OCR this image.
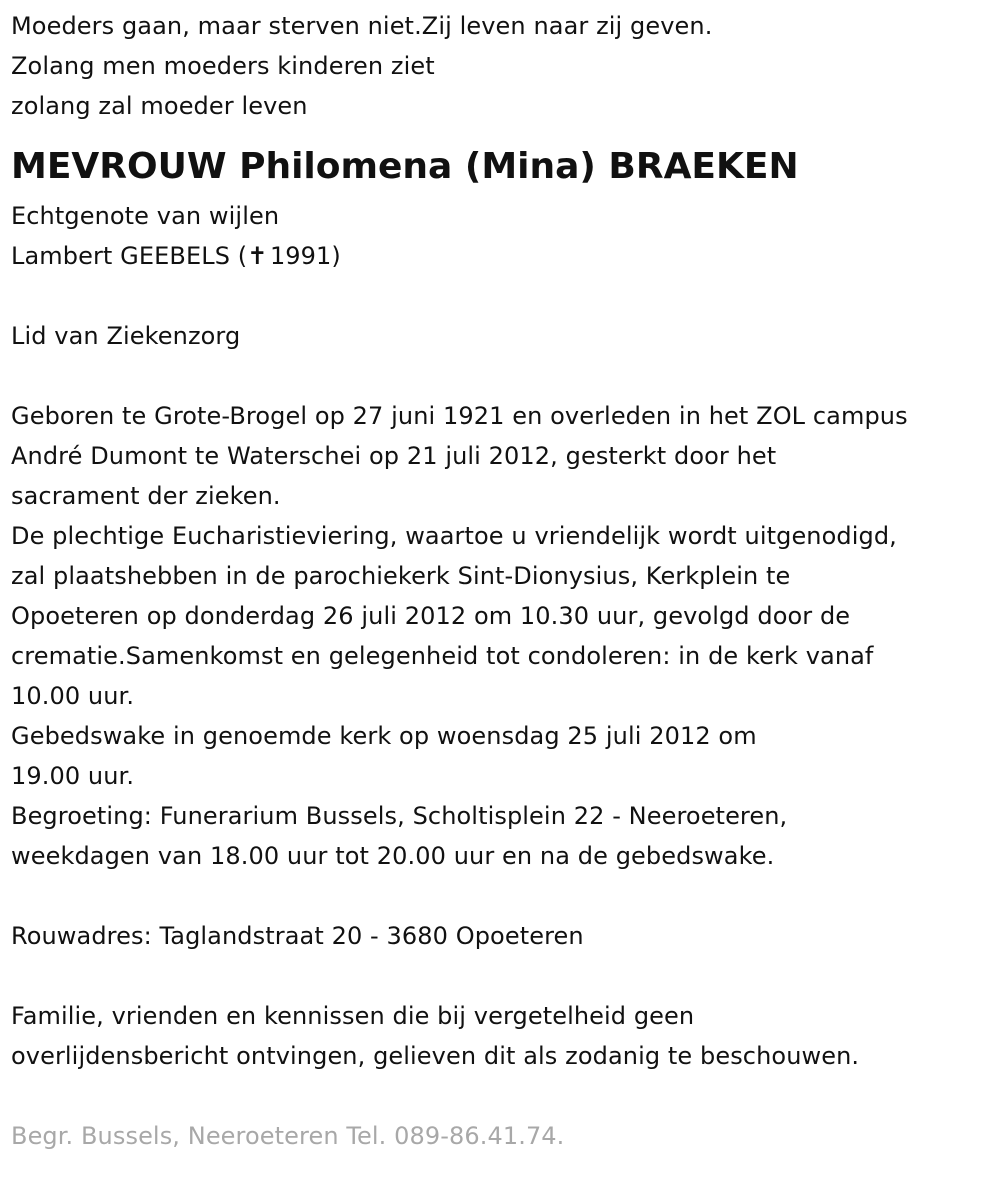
Moeders gaan, maar sterven niet.Zij leven naar zij geven.
Zolang men moeders kinderen ziet
zolang zal moeder leven
MEVROUW Philomena (Mina) BRAEKEN
Echtgenote van wijlen
Lambert GEEBELS (✝  1991)
Lid van Ziekenzorg
Geboren te Grote-Brogel op 27 juni 1921 en overleden in het ZOL campus
André Dumont te Waterschei op 21 juli 2012, gesterkt door het
sacrament der zieken.
De plechtige Eucharistieviering, waartoe u vriendelijk wordt uitgenodigd,
zal plaatshebben in de parochiekerk Sint-Dionysius, Kerkplein te
Opoeteren op donderdag 26 juli 2012 om 10.30 uur, gevolgd door de
crematie.Samenkomst en gelegenheid tot condoleren: in de kerk vanaf
10.00 uur.
Gebedswake in genoemde kerk op woensdag 25 juli 2012 om
19.00 uur.
Begroeting: Funerarium Bussels, Scholtisplein 22 - Neeroeteren,
weekdagen van 18.00 uur tot 20.00 uur en na de gebedswake.
Rouwadres: Taglandstraat 20 - 3680 Opoeteren
Familie, vrienden en kennissen die bij vergetelheid geen
overlijdensbericht ontvingen, gelieven dit als zodanig te beschouwen.
Begr. Bussels, Neeroeteren Tel. 089-86.41.74.
